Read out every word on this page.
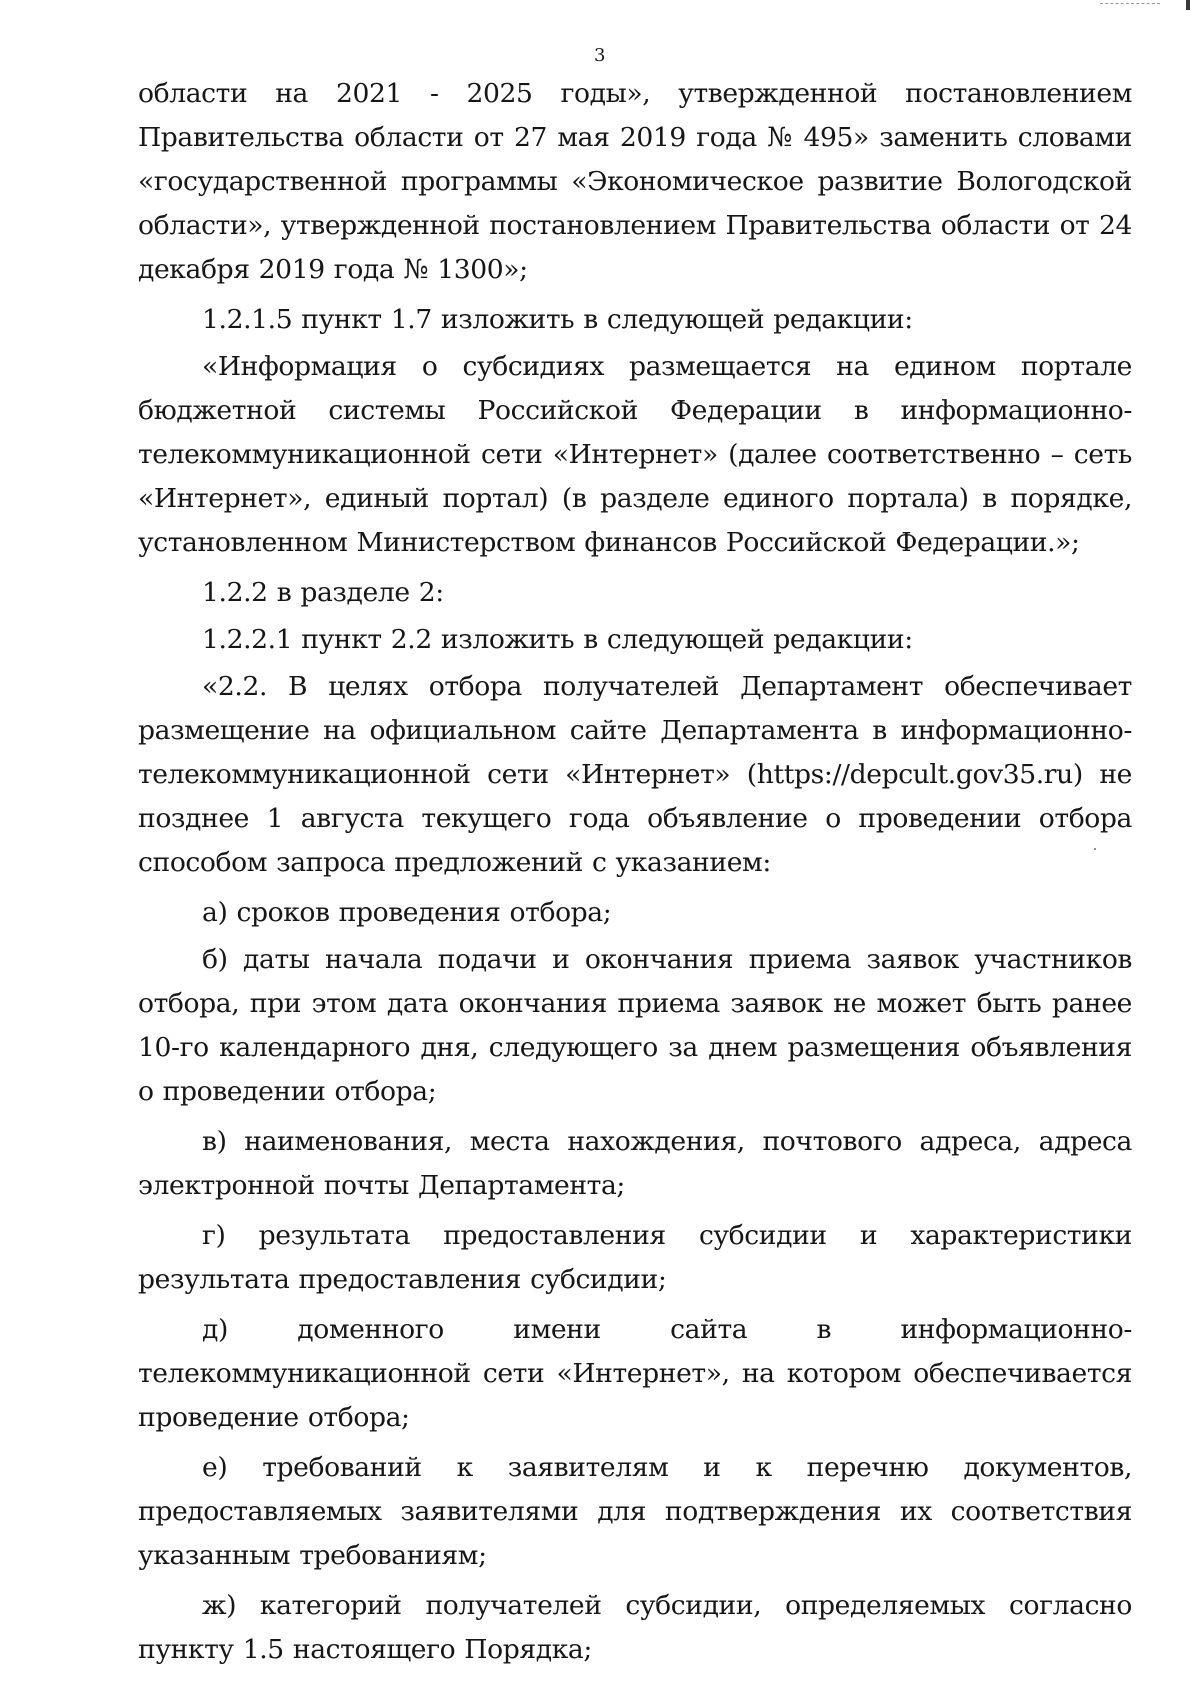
3

области на 2021 - 2025 годы», утвержденной постановлением Правительства области от 27 мая 2019 года № 495» заменить словами «государственной программы «Экономическое развитие Вологодской области», утвержденной постановлением Правительства области от 24 декабря 2019 года № 1300»;

1.2.1.5 пункт 1.7 изложить в следующей редакции:

«Информация о субсидиях размещается на едином портале бюджетной системы Российской Федерации в информационно-телекоммуникационной сети «Интернет» (далее соответственно – сеть «Интернет», единый портал) (в разделе единого портала) в порядке, установленном Министерством финансов Российской Федерации.»;

1.2.2 в разделе 2:

1.2.2.1 пункт 2.2 изложить в следующей редакции:

«2.2. В целях отбора получателей Департамент обеспечивает размещение на официальном сайте Департамента в информационно-телекоммуникационной сети «Интернет» (https://depcult.gov35.ru) не позднее 1 августа текущего года объявление о проведении отбора способом запроса предложений с указанием:

а) сроков проведения отбора;

б) даты начала подачи и окончания приема заявок участников отбора, при этом дата окончания приема заявок не может быть ранее 10-го календарного дня, следующего за днем размещения объявления о проведении отбора;

в) наименования, места нахождения, почтового адреса, адреса электронной почты Департамента;

г) результата предоставления субсидии и характеристики результата предоставления субсидии;

д) доменного имени сайта в информационно-телекоммуникационной сети «Интернет», на котором обеспечивается проведение отбора;

е) требований к заявителям и к перечню документов, предоставляемых заявителями для подтверждения их соответствия указанным требованиям;

ж) категорий получателей субсидии, определяемых согласно пункту 1.5 настоящего Порядка;
